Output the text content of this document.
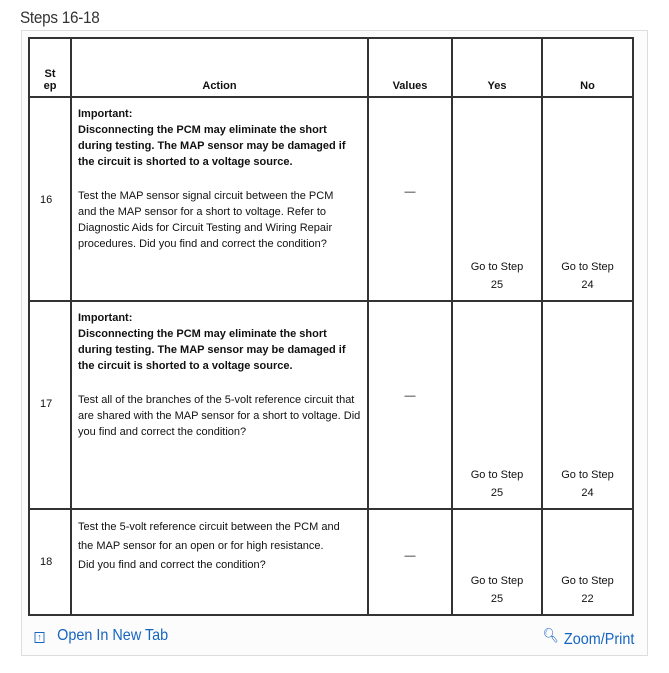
Steps 16-18
St ep	Action	Values	Yes	No
16	Important:
Disconnecting the PCM may eliminate the short during testing. The MAP sensor may be damaged if the circuit is shorted to a voltage source.
Test the MAP sensor signal circuit between the PCM and the MAP sensor for a short to voltage. Refer to Diagnostic Aids for Circuit Testing and Wiring Repair procedures. Did you find and correct the condition?	—	Go to Step 25	Go to Step 24

17	Important:
Disconnecting the PCM may eliminate the short during testing. The MAP sensor may be damaged if the circuit is shorted to a voltage source.
Test all of the branches of the 5-volt reference circuit that are shared with the MAP sensor for a short to voltage. Did you find and correct the condition?	—	Go to Step 25	Go to Step 24

18	Test the 5-volt reference circuit between the PCM and the MAP sensor for an open or for high resistance. Did you find and correct the condition?	—	Go to Step 25	Go to Step 22
↑ Open In New Tab	🔍︎ Zoom/Print
